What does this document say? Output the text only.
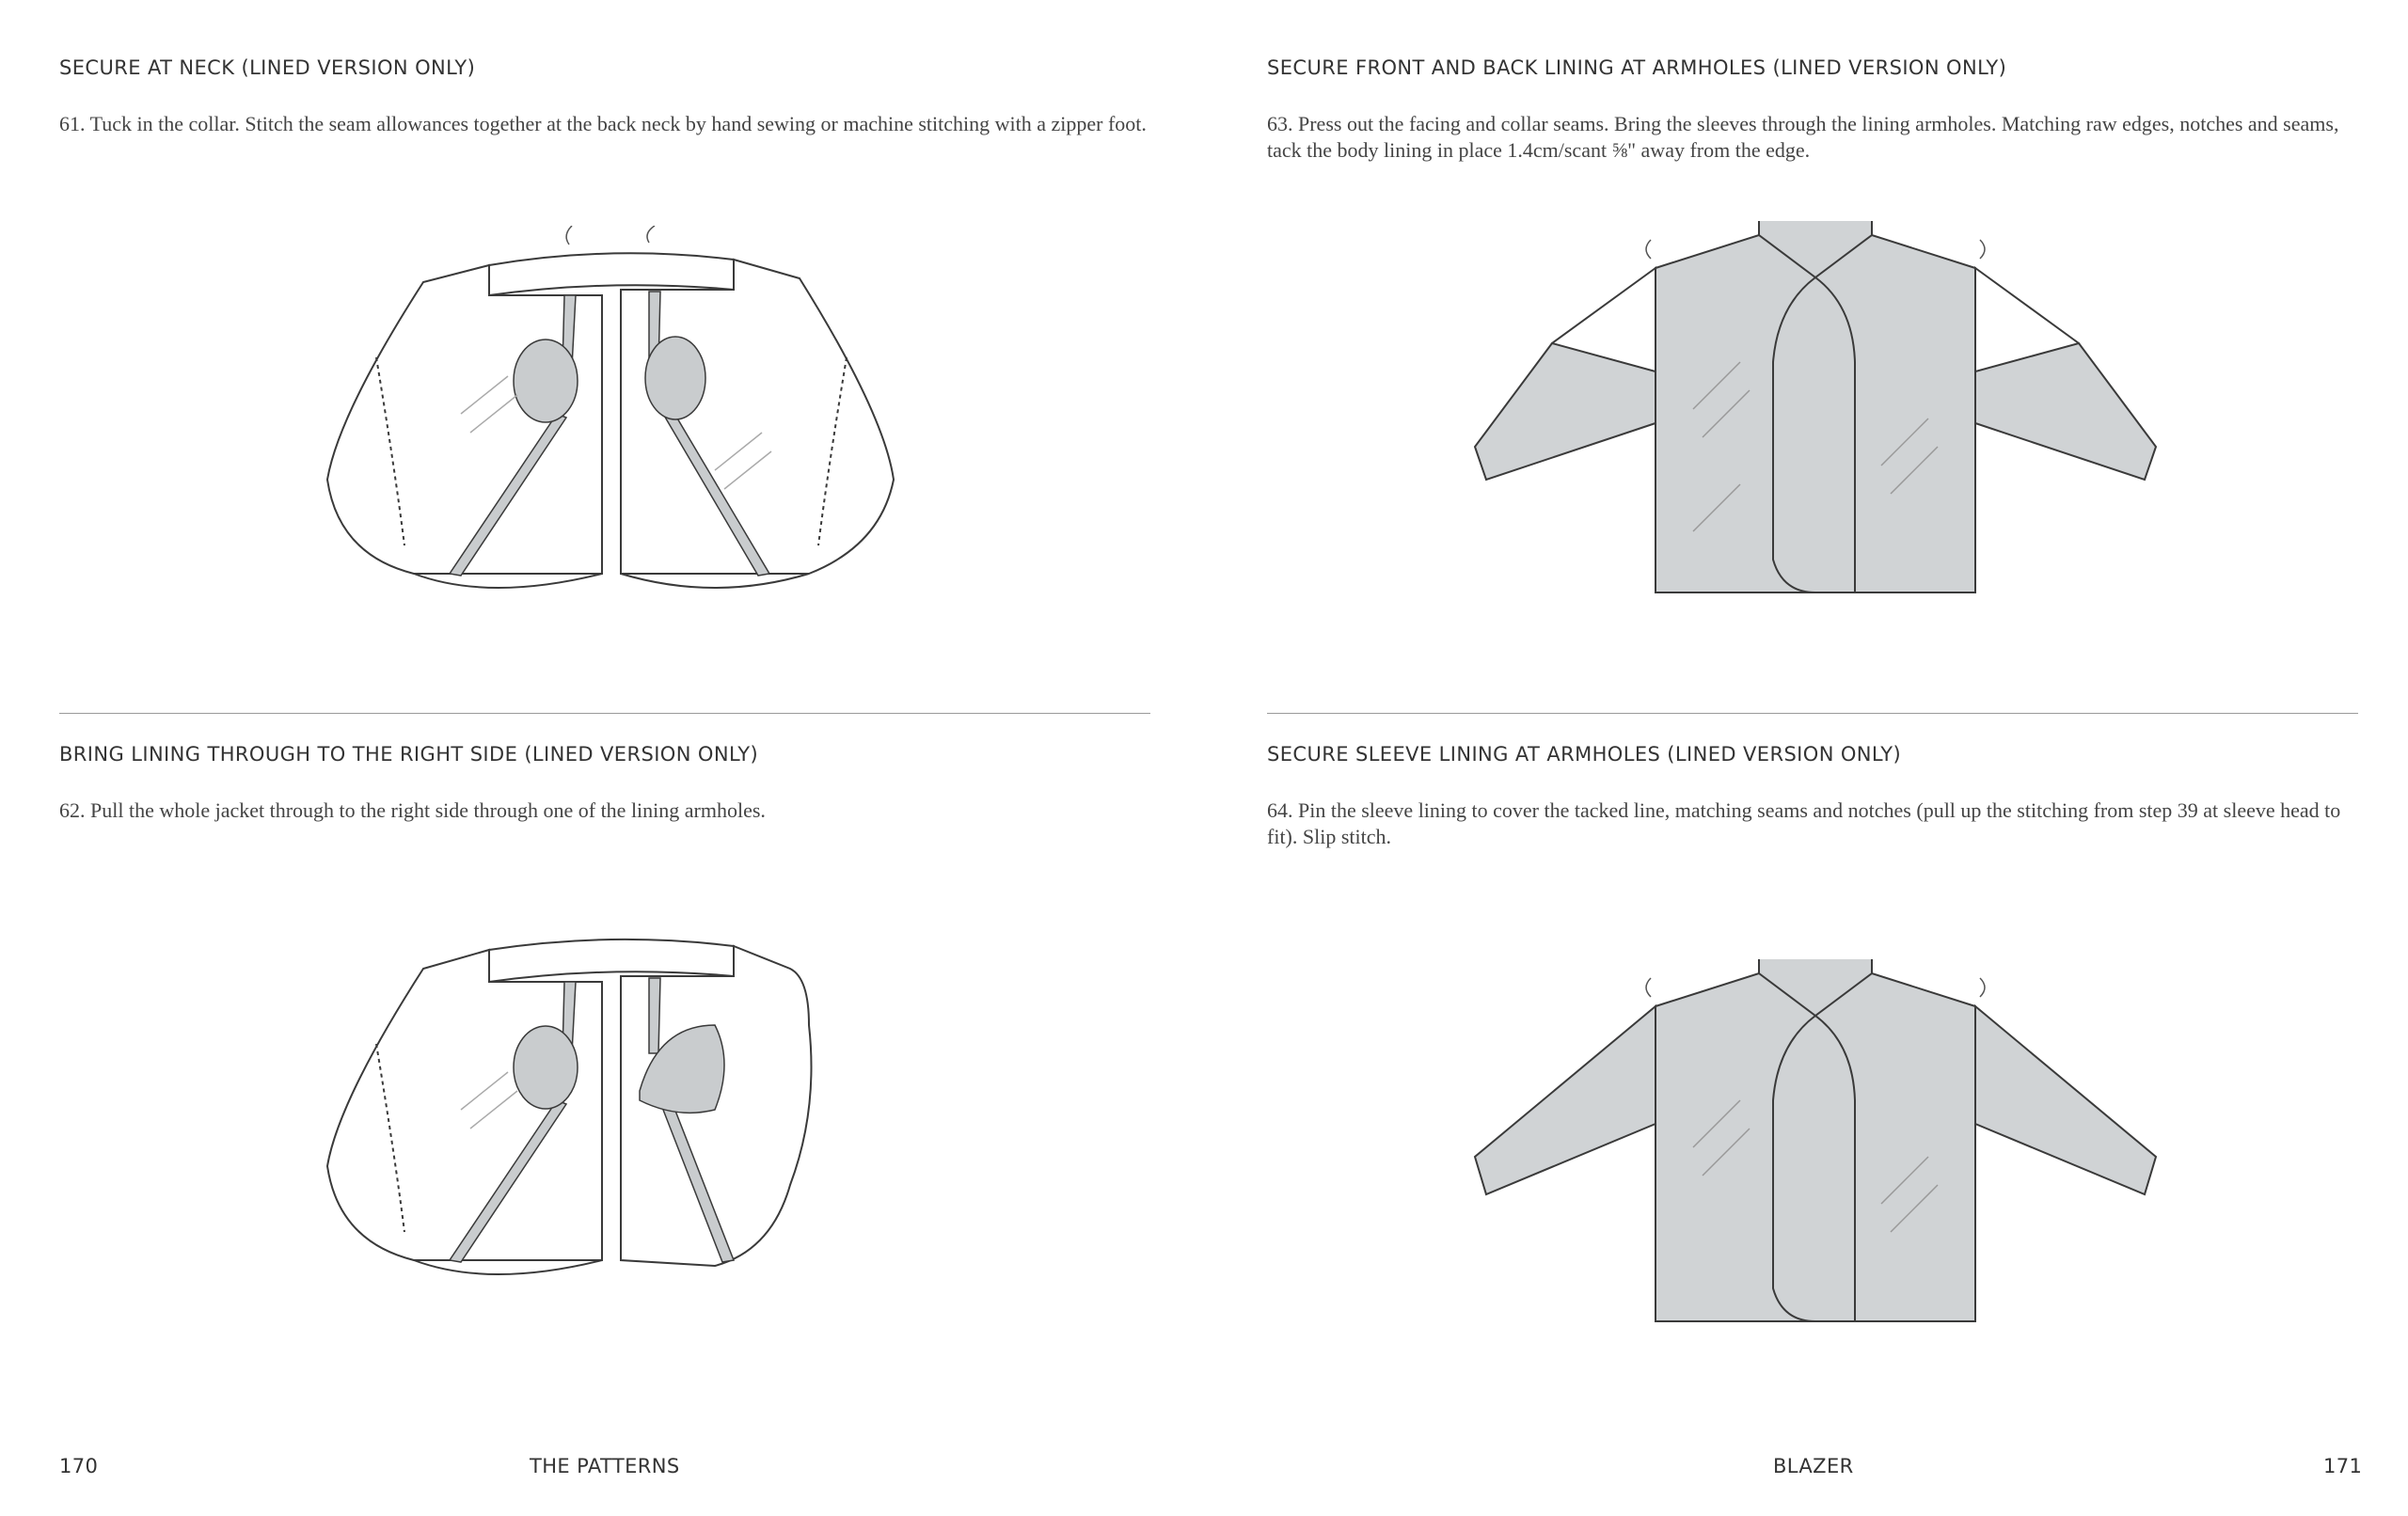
SECURE AT NECK (LINED VERSION ONLY)

61. Tuck in the collar. Stitch the seam allowances together at the back neck by hand sewing or machine stitching with a zipper foot.

BRING LINING THROUGH TO THE RIGHT SIDE (LINED VERSION ONLY)

62. Pull the whole jacket through to the right side through one of the lining armholes.

SECURE FRONT AND BACK LINING AT ARMHOLES (LINED VERSION ONLY)

63. Press out the facing and collar seams. Bring the sleeves through the lining armholes. Matching raw edges, notches and seams, tack the body lining in place 1.4cm/scant ⅝" away from the edge.

SECURE SLEEVE LINING AT ARMHOLES (LINED VERSION ONLY)

64. Pin the sleeve lining to cover the tacked line, matching seams and notches (pull up the stitching from step 39 at sleeve head to fit). Slip stitch.

170	THE PATTERNS	BLAZER	171
